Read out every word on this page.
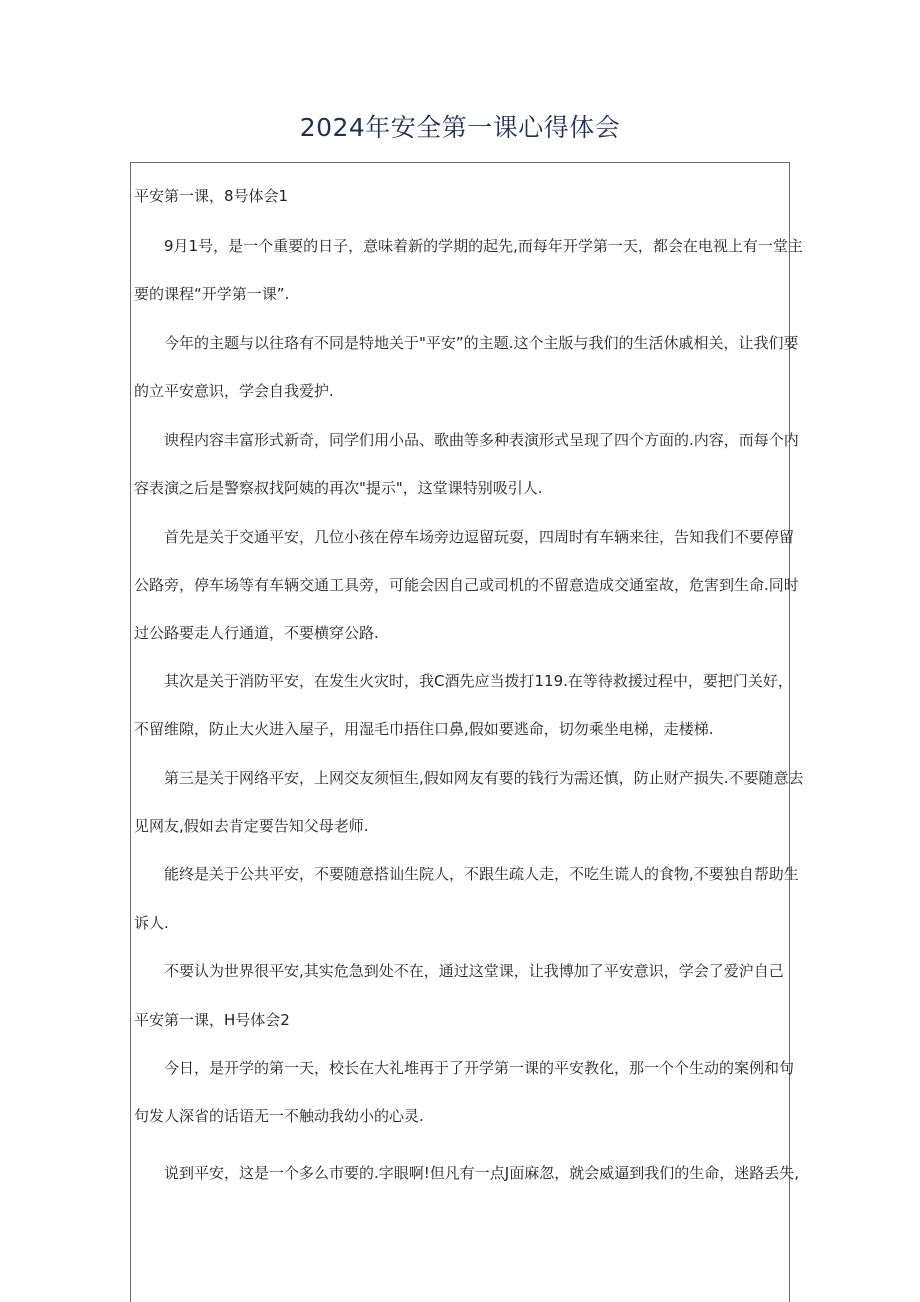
2024年安全第一课心得体会
平安第一课，8号体会1
9月1号，是一个重要的日子，意味着新的学期的起先,而每年开学第一天，都会在电视上有一堂主
要的课程“开学第一课”.
今年的主题与以往珞有不同是特地关于"平安”的主题.这个主版与我们的生活休戚相关，让我们要
的立平安意识，学会自我爱护.
谀程内容丰富形式新奇，同学们用小品、歌曲等多种表演形式呈现了四个方面的.内容，而每个内
容表演之后是警察叔找阿姨的再次"提示"，这堂课特别吸引人.
首先是关于交通平安，几位小孩在停车场旁边逗留玩耍，四周时有车辆来往，告知我们不要停留
公路旁，停车场等有车辆交通工具旁，可能会因自己或司机的不留意造成交通室故，危害到生命.同时
过公路要走人行通道，不要横穿公路.
其次是关于消防平安，在发生火灾时，我C酒先应当拨打119.在等待救援过程中，要把门关好，
不留维隙，防止大火进入屋子，用湿毛巾捂住口鼻,假如要逃命，切勿乘坐电梯，走楼梯.
第三是关于网络平安，上网交友须恒生,假如网友有要的钱行为需还慎，防止财产损失.不要随意去
见网友,假如去肯定要告知父母老师.
能终是关于公共平安，不要随意搭讪生院人，不跟生疏人走，不吃生谎人的食物,不要独自帮助生
诉人.
不要认为世界很平安,其实危急到处不在，通过这堂课，让我博加了平安意识，学会了爱沪自己
平安第一课，H号体会2
今日，是开学的第一天，校长在大礼堆再于了开学第一课的平安教化，那一个个生动的案例和句
句发人深省的话语无一不触动我幼小的心灵.
说到平安，这是一个多么巿要的.字眼啊!但凡有一点J面麻忽，就会威逼到我们的生命，迷路丢失,
